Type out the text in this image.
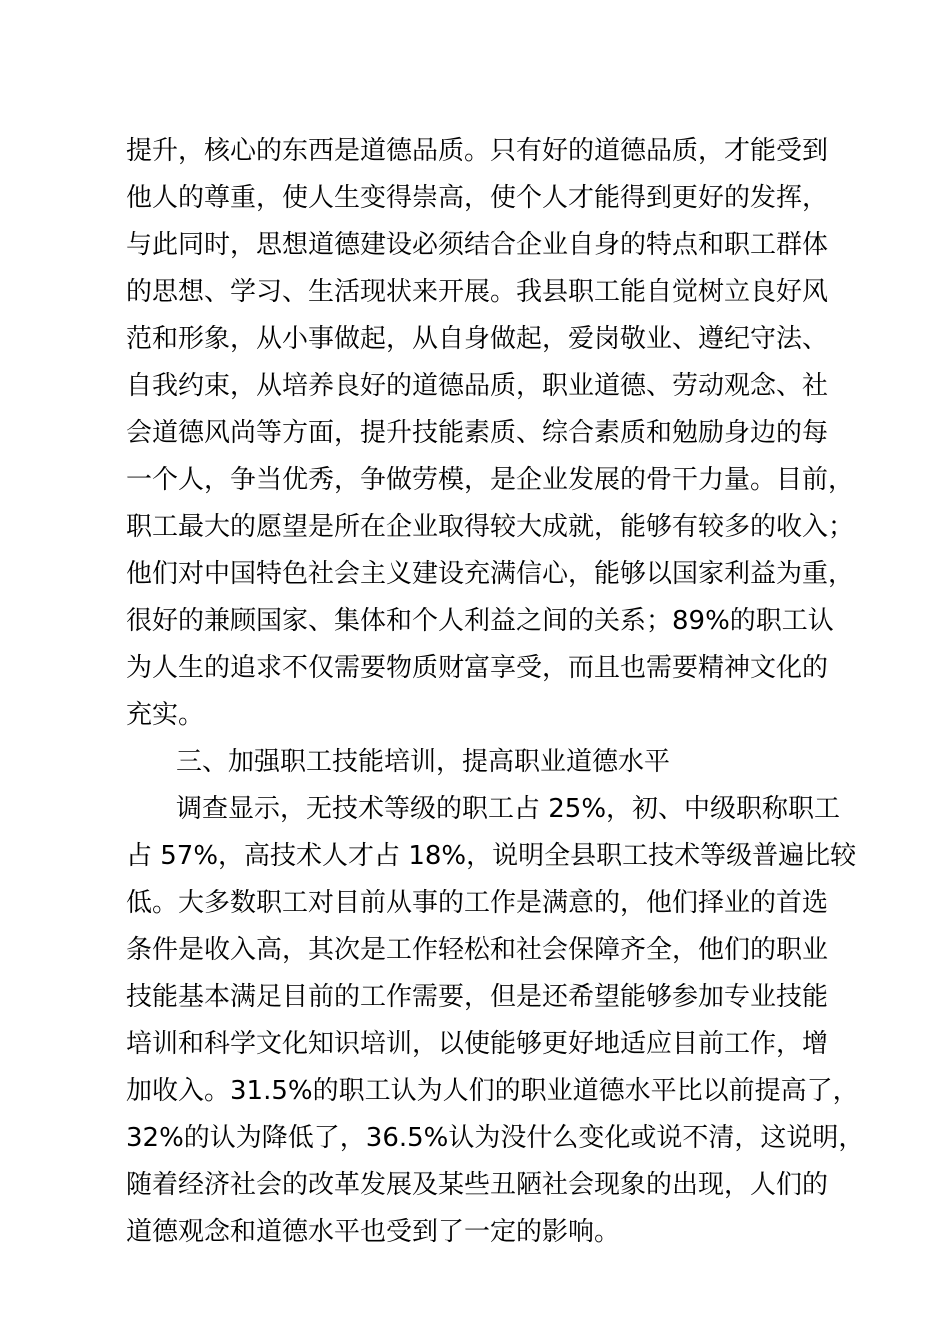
提升，核心的东西是道德品质。只有好的道德品质，才能受到
他人的尊重，使人生变得崇高，使个人才能得到更好的发挥，
与此同时，思想道德建设必须结合企业自身的特点和职工群体
的思想、学习、生活现状来开展。我县职工能自觉树立良好风
范和形象，从小事做起，从自身做起，爱岗敬业、遵纪守法、
自我约束，从培养良好的道德品质，职业道德、劳动观念、社
会道德风尚等方面，提升技能素质、综合素质和勉励身边的每
一个人，争当优秀，争做劳模，是企业发展的骨干力量。目前，
职工最大的愿望是所在企业取得较大成就，能够有较多的收入；
他们对中国特色社会主义建设充满信心，能够以国家利益为重，
很好的兼顾国家、集体和个人利益之间的关系；89%的职工认
为人生的追求不仅需要物质财富享受，而且也需要精神文化的
充实。
三、加强职工技能培训，提高职业道德水平
调查显示，无技术等级的职工占 25%，初、中级职称职工
占 57%，高技术人才占 18%，说明全县职工技术等级普遍比较
低。大多数职工对目前从事的工作是满意的，他们择业的首选
条件是收入高，其次是工作轻松和社会保障齐全，他们的职业
技能基本满足目前的工作需要，但是还希望能够参加专业技能
培训和科学文化知识培训，以使能够更好地适应目前工作，增
加收入。31.5%的职工认为人们的职业道德水平比以前提高了，
32%的认为降低了，36.5%认为没什么变化或说不清，这说明，
随着经济社会的改革发展及某些丑陋社会现象的出现，人们的
道德观念和道德水平也受到了一定的影响。
